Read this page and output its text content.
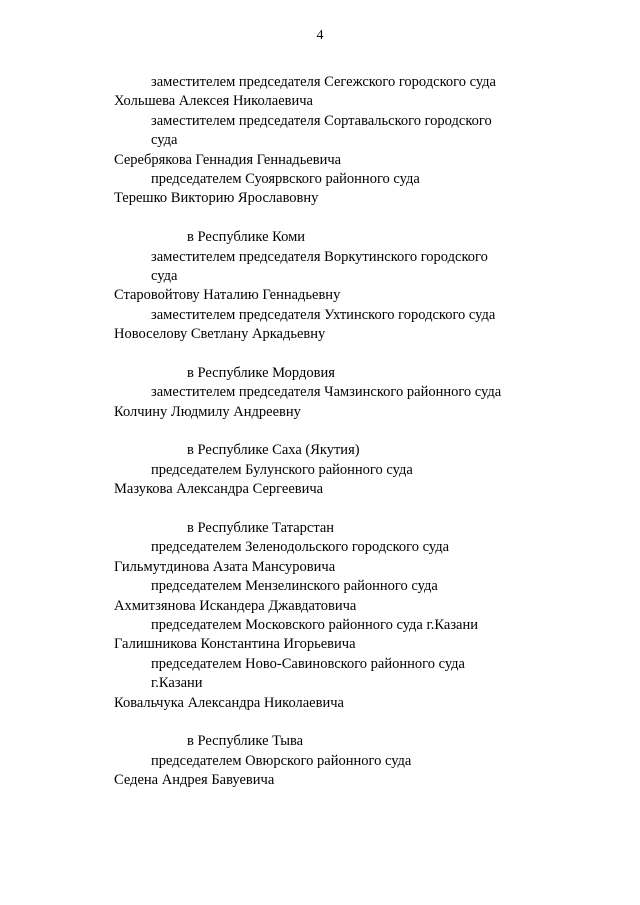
4
заместителем председателя Сегежского городского суда
Хольшева Алексея Николаевича
заместителем председателя Сортавальского городского
суда
Серебрякова Геннадия Геннадьевича
председателем Суоярвского районного суда
Терешко Викторию Ярославовну
в Республике Коми
заместителем председателя Воркутинского городского
суда
Старовойтову Наталию Геннадьевну
заместителем председателя Ухтинского городского суда
Новоселову Светлану Аркадьевну
в Республике Мордовия
заместителем председателя Чамзинского районного суда
Колчину Людмилу Андреевну
в Республике Саха (Якутия)
председателем Булунского районного суда
Мазукова Александра Сергеевича
в Республике Татарстан
председателем Зеленодольского городского суда
Гильмутдинова Азата Мансуровича
председателем Мензелинского районного суда
Ахмитзянова Искандера Джавдатовича
председателем Московского районного суда г.Казани
Галишникова Константина Игорьевича
председателем Ново-Савиновского районного суда
г.Казани
Ковальчука Александра Николаевича
в Республике Тыва
председателем Овюрского районного суда
Седена Андрея Бавуевича
